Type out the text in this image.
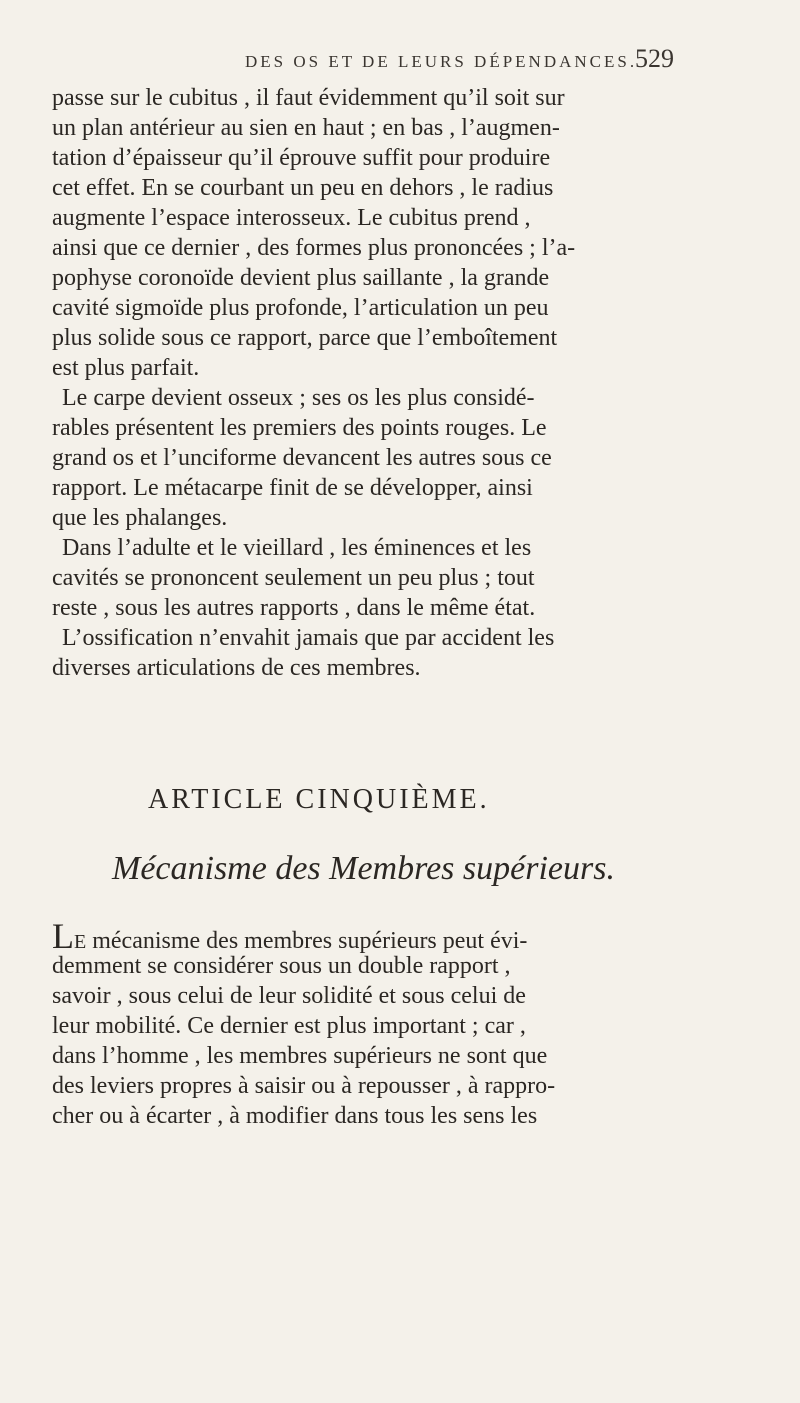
DES OS ET DE LEURS DÉPENDANCES.
529
passe sur le cubitus , il faut évidemment qu’il soit sur
un plan antérieur au sien en haut ; en bas , l’augmen-
tation d’épaisseur qu’il éprouve suffit pour produire
cet effet. En se courbant un peu en dehors , le radius
augmente l’espace interosseux. Le cubitus prend ,
ainsi que ce dernier , des formes plus prononcées ; l’a-
pophyse coronoïde devient plus saillante , la grande
cavité sigmoïde plus profonde, l’articulation un peu
plus solide sous ce rapport, parce que l’emboîtement
est plus parfait.
Le carpe devient osseux ; ses os les plus considé-
rables présentent les premiers des points rouges. Le
grand os et l’unciforme devancent les autres sous ce
rapport. Le métacarpe finit de se développer, ainsi
que les phalanges.
Dans l’adulte et le vieillard , les éminences et les
cavités se prononcent seulement un peu plus ; tout
reste , sous les autres rapports , dans le même état.
L’ossification n’envahit jamais que par accident les
diverses articulations de ces membres.
ARTICLE CINQUIÈME.
Mécanisme des Membres supérieurs.
LE mécanisme des membres supérieurs peut évi-
demment se considérer sous un double rapport ,
savoir , sous celui de leur solidité et sous celui de
leur mobilité. Ce dernier est plus important ; car ,
dans l’homme , les membres supérieurs ne sont que
des leviers propres à saisir ou à repousser , à rappro-
cher ou à écarter , à modifier dans tous les sens les
